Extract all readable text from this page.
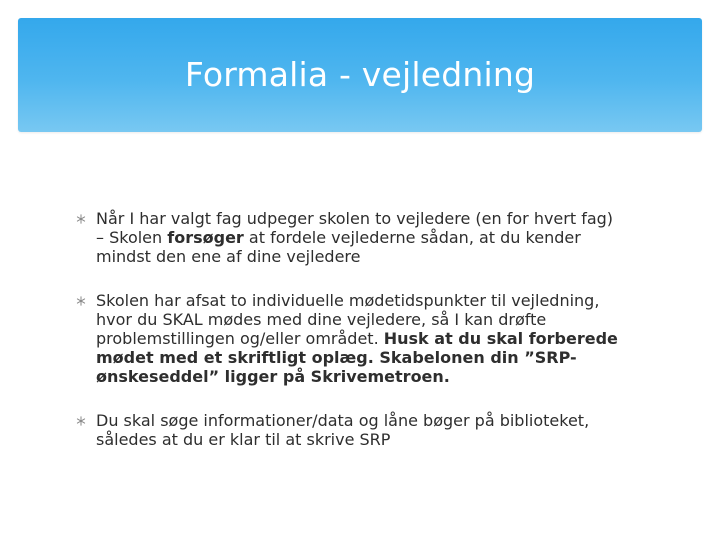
Formalia - vejledning
Når I har valgt fag udpeger skolen to vejledere (en for hvert fag)
– Skolen forsøger at fordele vejlederne sådan, at du kender
mindst den ene af dine vejledere
Skolen har afsat to individuelle mødetidspunkter til vejledning,
hvor du SKAL mødes med dine vejledere, så I kan drøfte
problemstillingen og/eller området. Husk at du skal forberede
mødet med et skriftligt oplæg. Skabelonen din ”SRP-
ønskeseddel” ligger på Skrivemetroen.
Du skal søge informationer/data og låne bøger på biblioteket,
således at du er klar til at skrive SRP
